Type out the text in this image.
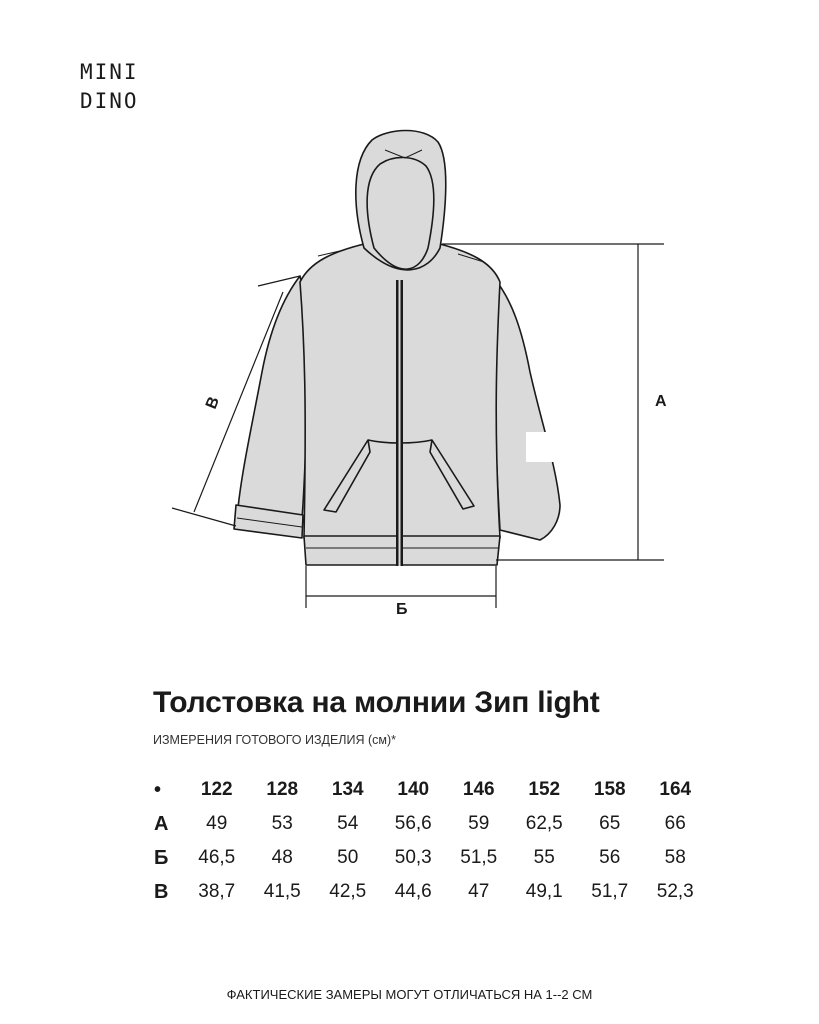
MINI
DINO
А
Б
В
Толстовка на молнии Зип light
ИЗМЕРЕНИЯ ГОТОВОГО ИЗДЕЛИЯ (см)*
•	122	128	134	140	146	152	158	164
А	49	53	54	56,6	59	62,5	65	66
Б	46,5	48	50	50,3	51,5	55	56	58
В	38,7	41,5	42,5	44,6	47	49,1	51,7	52,3
ФАКТИЧЕСКИЕ ЗАМЕРЫ МОГУТ ОТЛИЧАТЬСЯ НА 1--2 СМ
